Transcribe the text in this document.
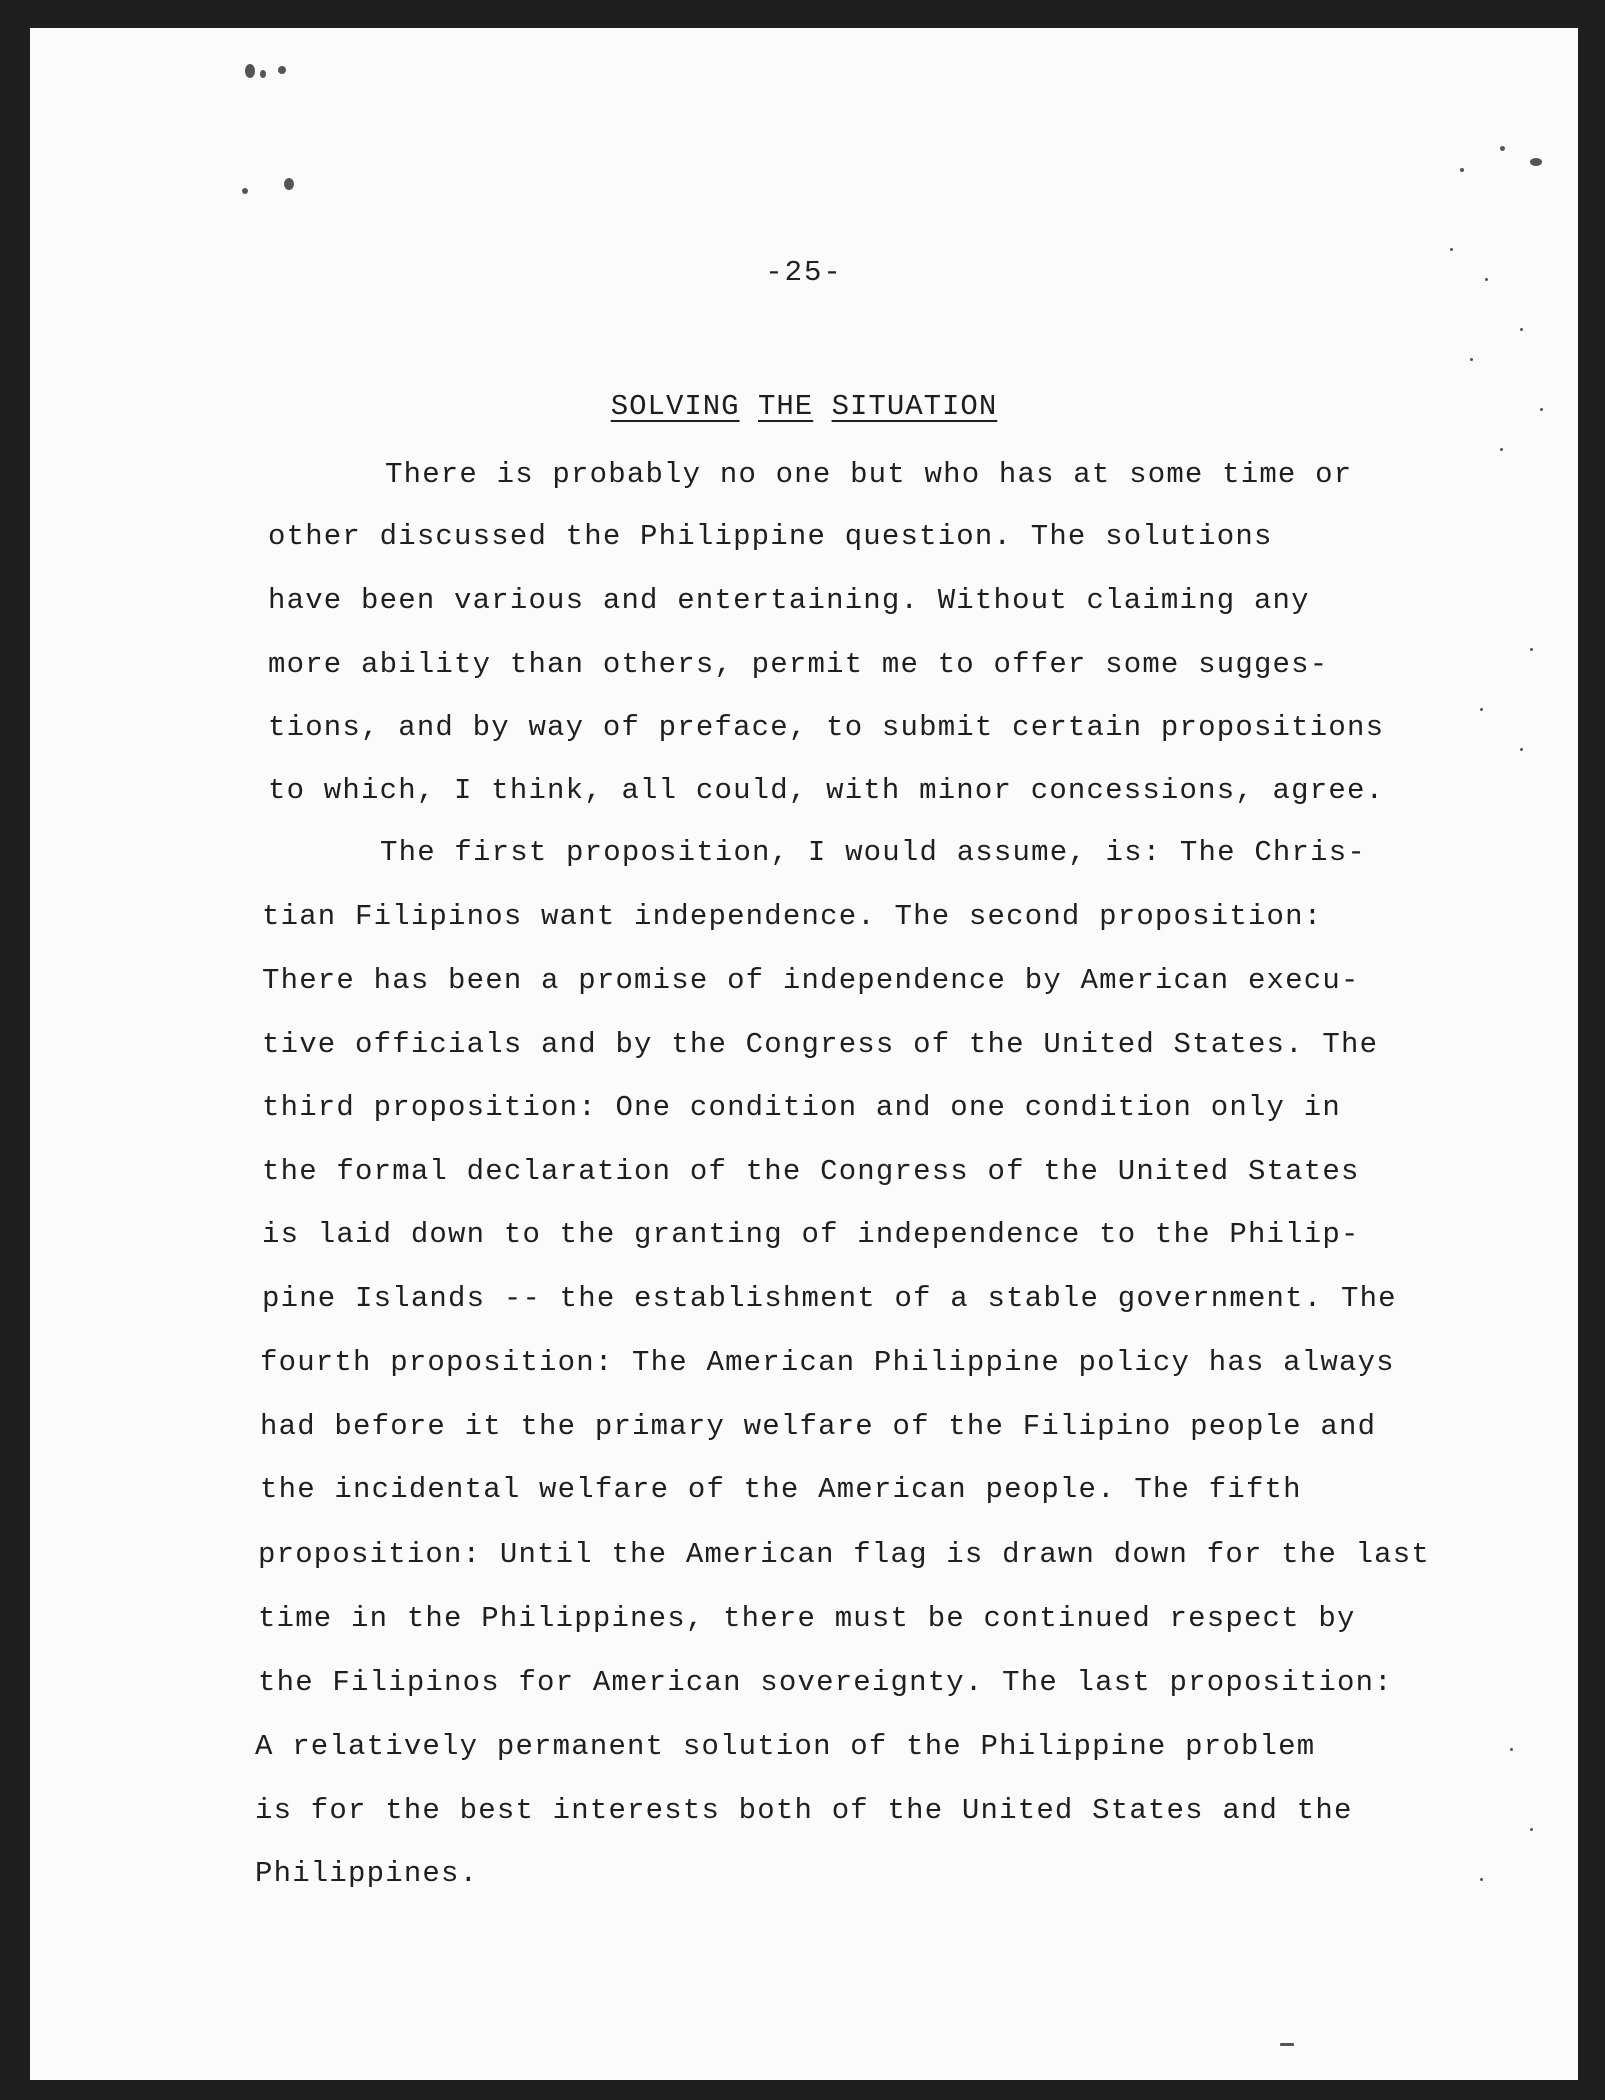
-25-
SOLVING THE SITUATION
There is probably no one but who has at some time or
other discussed the Philippine question. The solutions
have been various and entertaining. Without claiming any
more ability than others, permit me to offer some sugges-
tions, and by way of preface, to submit certain propositions
to which, I think, all could, with minor concessions, agree.
The first proposition, I would assume, is: The Chris-
tian Filipinos want independence. The second proposition:
There has been a promise of independence by American execu-
tive officials and by the Congress of the United States. The
third proposition: One condition and one condition only in
the formal declaration of the Congress of the United States
is laid down to the granting of independence to the Philip-
pine Islands -- the establishment of a stable government. The
fourth proposition: The American Philippine policy has always
had before it the primary welfare of the Filipino people and
the incidental welfare of the American people. The fifth
proposition: Until the American flag is drawn down for the last
time in the Philippines, there must be continued respect by
the Filipinos for American sovereignty. The last proposition:
A relatively permanent solution of the Philippine problem
is for the best interests both of the United States and the
Philippines.
